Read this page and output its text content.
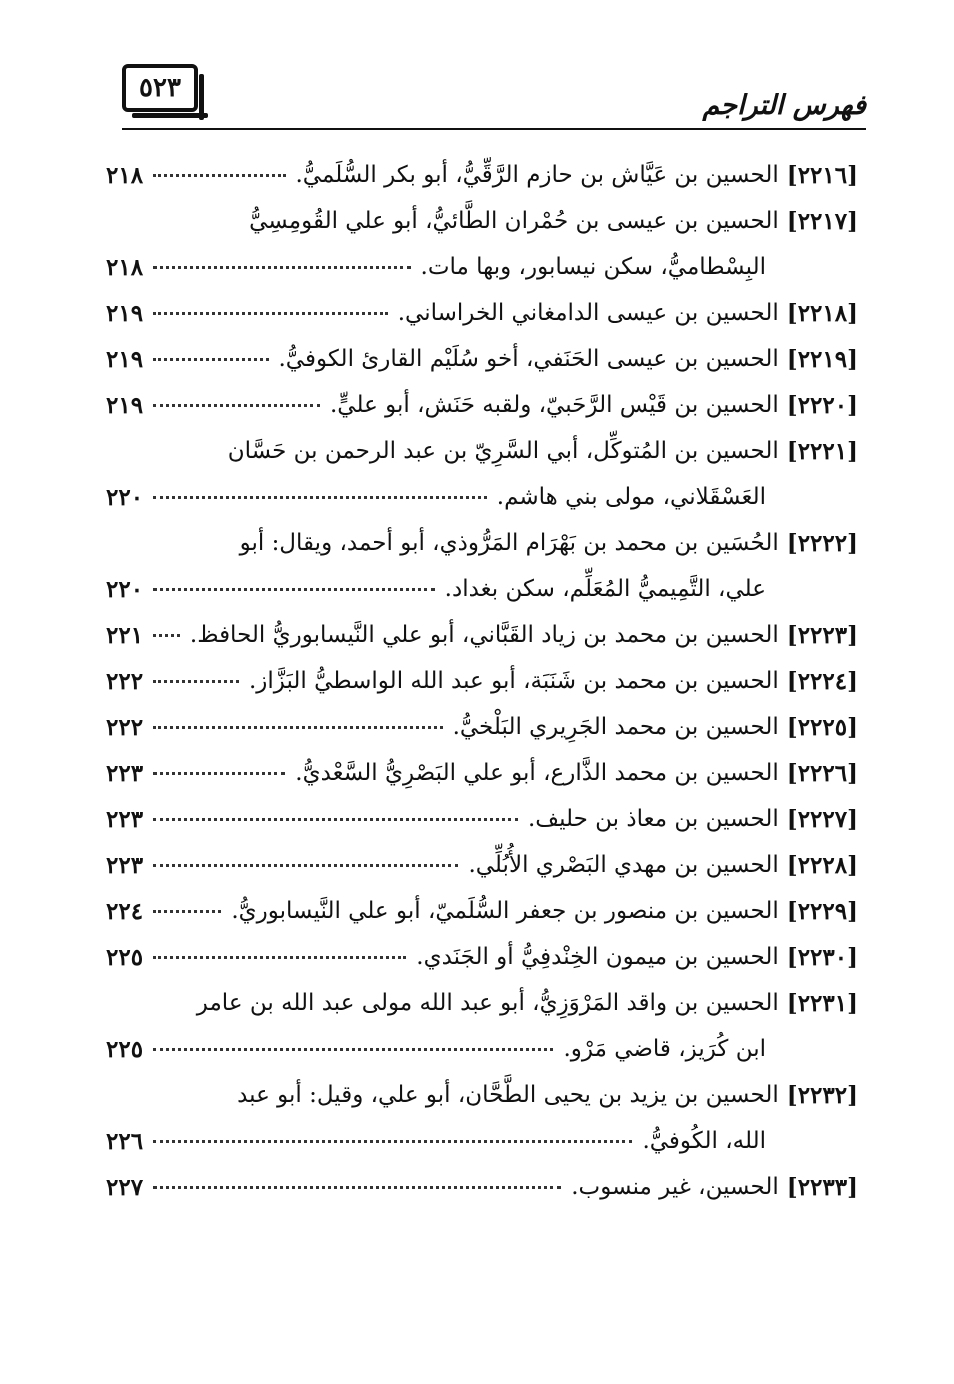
٥٢٣
فهرس التراجم
[٢٢١٦]
الحسين بن عَيَّاش بن حازم الرَّقِّيُّ، أبو بكر السُّلَميُّ.
٢١٨
[٢٢١٧]
الحسين بن عيسى بن حُمْران الطَّائيُّ، أبو علي القُومِسِيُّ
البِسْطاميُّ، سكن نيسابور، وبها مات.
٢١٨
[٢٢١٨]
الحسين بن عيسى الدامغاني الخراساني.
٢١٩
[٢٢١٩]
الحسين بن عيسى الحَنَفي، أخو سُلَيْم القارئ الكوفيُّ.
٢١٩
[٢٢٢٠]
الحسين بن قَيْس الرَّحَبيّ، ولقبه حَنَش، أبو عليٍّ.
٢١٩
[٢٢٢١]
الحسين بن المُتوكِّل، أبي السَّرِيّ بن عبد الرحمن بن حَسَّان
العَسْقَلاني، مولى بني هاشم.
٢٢٠
[٢٢٢٢]
الحُسَين بن محمد بن بَهْرَام المَرُّوذي، أبو أحمد، ويقال: أبو
علي، التَّمِيميُّ المُعَلِّم، سكن بغداد.
٢٢٠
[٢٢٢٣]
الحسين بن محمد بن زياد القَبَّاني، أبو علي النَّيسابوريُّ الحافظ.
٢٢١
[٢٢٢٤]
الحسين بن محمد بن شَنَبَة، أبو عبد الله الواسطيُّ البَزَّاز.
٢٢٢
[٢٢٢٥]
الحسين بن محمد الجَرِيري البَلْخيُّ.
٢٢٢
[٢٢٢٦]
الحسين بن محمد الذَّارع، أبو علي البَصْرِيُّ السَّعْديُّ.
٢٢٣
[٢٢٢٧]
الحسين بن معاذ بن حليف.
٢٢٣
[٢٢٢٨]
الحسين بن مهدي البَصْري الأُبُلِّي.
٢٢٣
[٢٢٢٩]
الحسين بن منصور بن جعفر السُّلَميّ، أبو علي النَّيسابوريُّ.
٢٢٤
[٢٢٣٠]
الحسين بن ميمون الخِنْدفِيُّ أو الجَنَدي.
٢٢٥
[٢٢٣١]
الحسين بن واقد المَرْوَزِيُّ، أبو عبد الله مولى عبد الله بن عامر
ابن كُرَيز، قاضي مَرْو.
٢٢٥
[٢٢٣٢]
الحسين بن يزيد بن يحيى الطَّحَّان، أبو علي، وقيل: أبو عبد
الله، الكُوفيُّ.
٢٢٦
[٢٢٣٣]
الحسين، غير منسوب.
٢٢٧
